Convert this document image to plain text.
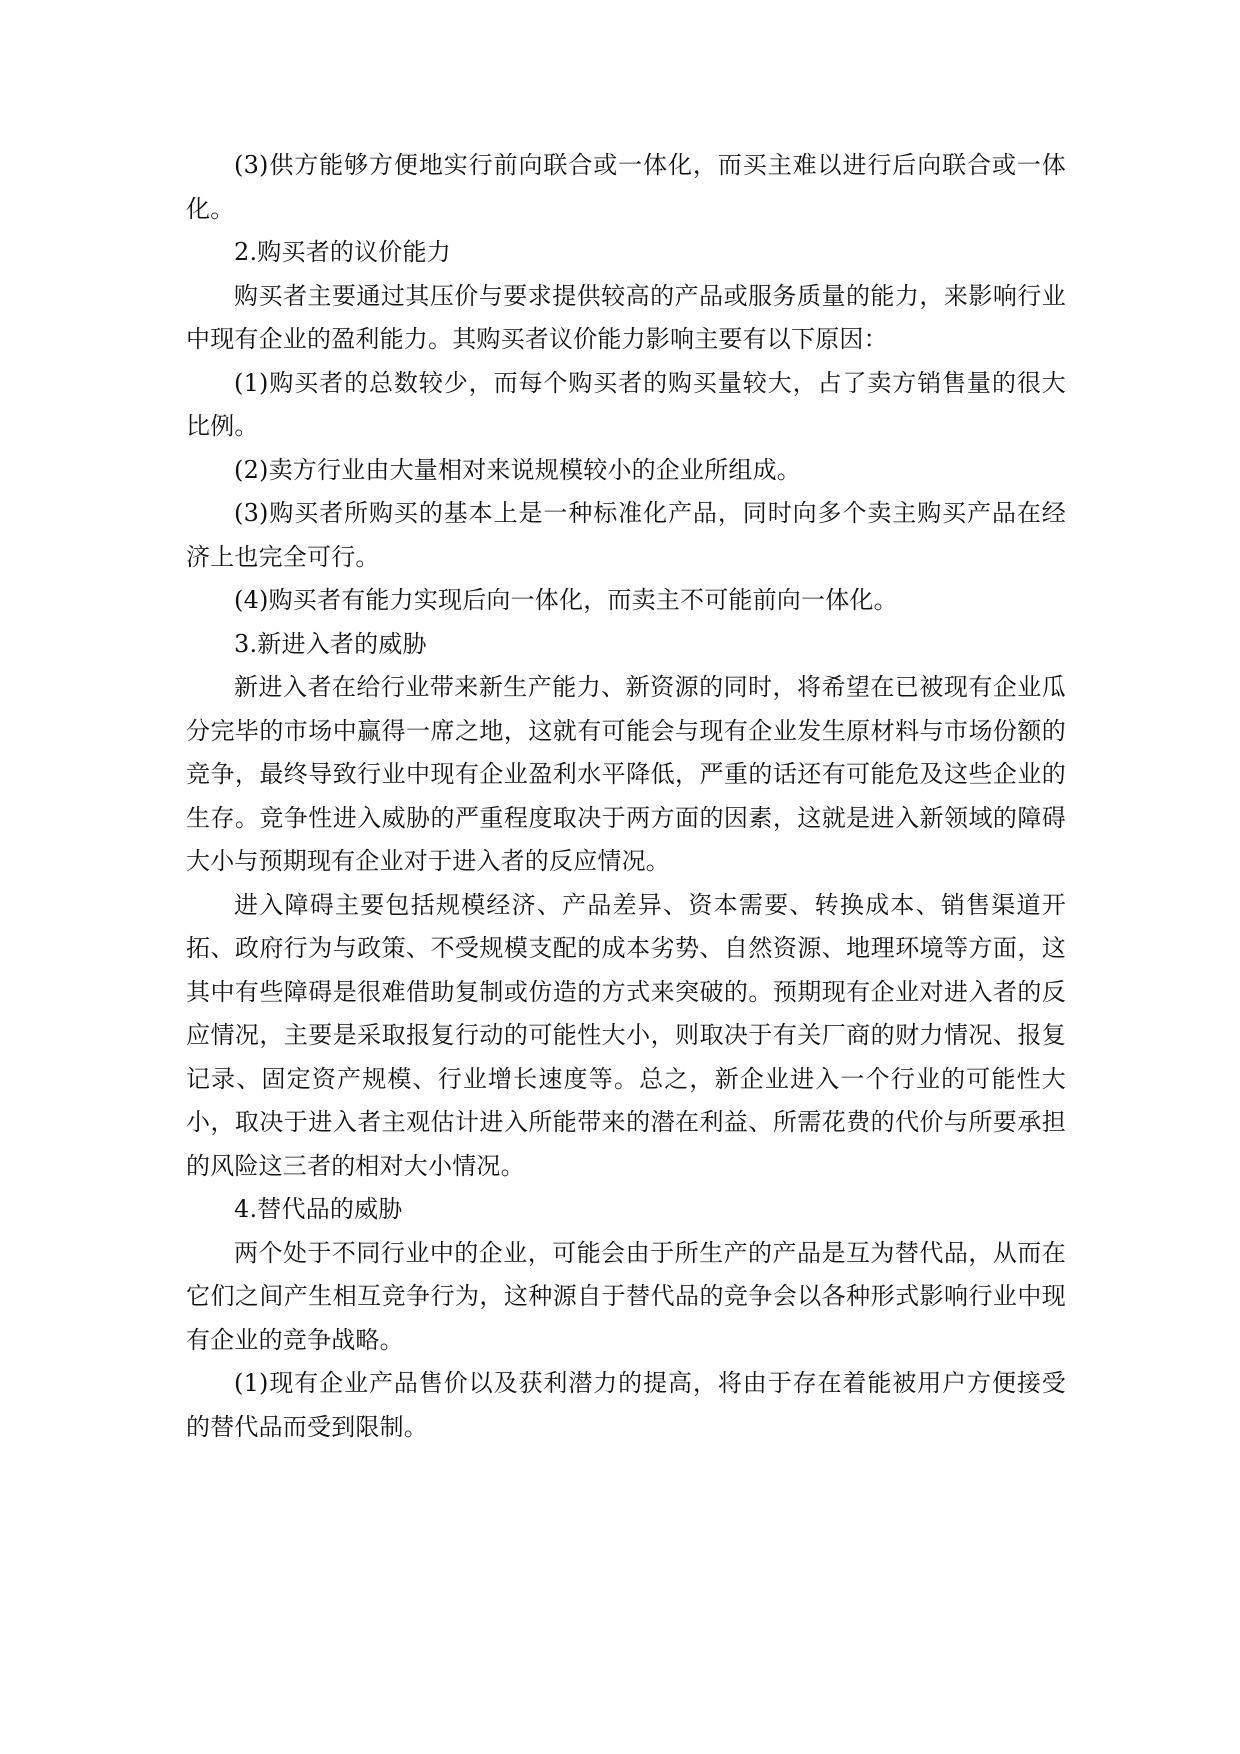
(3)供方能够方便地实行前向联合或一体化，而买主难以进行后向联合或一体化。

2.购买者的议价能力

购买者主要通过其压价与要求提供较高的产品或服务质量的能力，来影响行业中现有企业的盈利能力。其购买者议价能力影响主要有以下原因：

(1)购买者的总数较少，而每个购买者的购买量较大，占了卖方销售量的很大比例。

(2)卖方行业由大量相对来说规模较小的企业所组成。

(3)购买者所购买的基本上是一种标准化产品，同时向多个卖主购买产品在经济上也完全可行。

(4)购买者有能力实现后向一体化，而卖主不可能前向一体化。

3.新进入者的威胁

新进入者在给行业带来新生产能力、新资源的同时，将希望在已被现有企业瓜分完毕的市场中赢得一席之地，这就有可能会与现有企业发生原材料与市场份额的竞争，最终导致行业中现有企业盈利水平降低，严重的话还有可能危及这些企业的生存。竞争性进入威胁的严重程度取决于两方面的因素，这就是进入新领域的障碍大小与预期现有企业对于进入者的反应情况。

进入障碍主要包括规模经济、产品差异、资本需要、转换成本、销售渠道开拓、政府行为与政策、不受规模支配的成本劣势、自然资源、地理环境等方面，这其中有些障碍是很难借助复制或仿造的方式来突破的。预期现有企业对进入者的反应情况，主要是采取报复行动的可能性大小，则取决于有关厂商的财力情况、报复记录、固定资产规模、行业增长速度等。总之，新企业进入一个行业的可能性大小，取决于进入者主观估计进入所能带来的潜在利益、所需花费的代价与所要承担的风险这三者的相对大小情况。

4.替代品的威胁

两个处于不同行业中的企业，可能会由于所生产的产品是互为替代品，从而在它们之间产生相互竞争行为，这种源自于替代品的竞争会以各种形式影响行业中现有企业的竞争战略。

(1)现有企业产品售价以及获利潜力的提高，将由于存在着能被用户方便接受的替代品而受到限制。
